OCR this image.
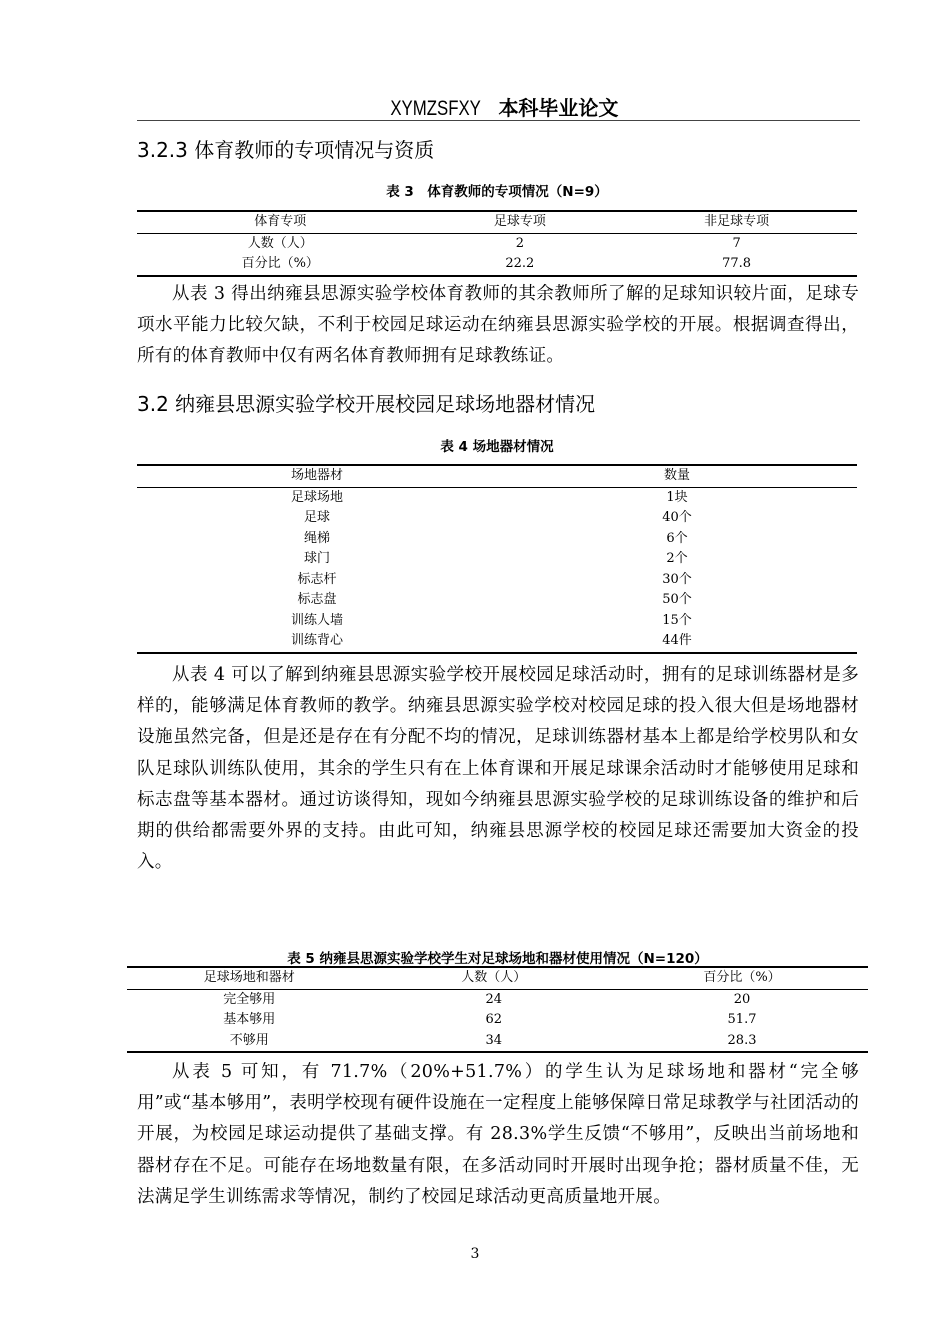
XYMZSFXY 本科毕业论文
3.2.3 体育教师的专项情况与资质
表 3　体育教师的专项情况（N=9）
体育专项	足球专项	非足球专项
人数（人）	2	7
百分比（%）	22.2	77.8
从表 3 得出纳雍县思源实验学校体育教师的其余教师所了解的足球知识较片面，足球专项水平能力比较欠缺，不利于校园足球运动在纳雍县思源实验学校的开展。根据调查得出，所有的体育教师中仅有两名体育教师拥有足球教练证。
3.2 纳雍县思源实验学校开展校园足球场地器材情况
表 4 场地器材情况
场地器材	数量
足球场地	1块
足球	40个
绳梯	6个
球门	2个
标志杆	30个
标志盘	50个
训练人墙	15个
训练背心	44件
从表 4 可以了解到纳雍县思源实验学校开展校园足球活动时，拥有的足球训练器材是多样的，能够满足体育教师的教学。纳雍县思源实验学校对校园足球的投入很大但是场地器材设施虽然完备，但是还是存在有分配不均的情况，足球训练器材基本上都是给学校男队和女队足球队训练队使用，其余的学生只有在上体育课和开展足球课余活动时才能够使用足球和标志盘等基本器材。通过访谈得知，现如今纳雍县思源实验学校的足球训练设备的维护和后期的供给都需要外界的支持。由此可知，纳雍县思源学校的校园足球还需要加大资金的投入。
表 5 纳雍县思源实验学校学生对足球场地和器材使用情况（N=120）
足球场地和器材	人数（人）	百分比（%）
完全够用	24	20
基本够用	62	51.7
不够用	34	28.3
从表 5 可知，有 71.7%（20%+51.7%）的学生认为足球场地和器材“完全够用”或“基本够用”，表明学校现有硬件设施在一定程度上能够保障日常足球教学与社团活动的开展，为校园足球运动提供了基础支撑。有 28.3%学生反馈“不够用”，反映出当前场地和器材存在不足。可能存在场地数量有限，在多活动同时开展时出现争抢；器材质量不佳，无法满足学生训练需求等情况，制约了校园足球活动更高质量地开展。
3
